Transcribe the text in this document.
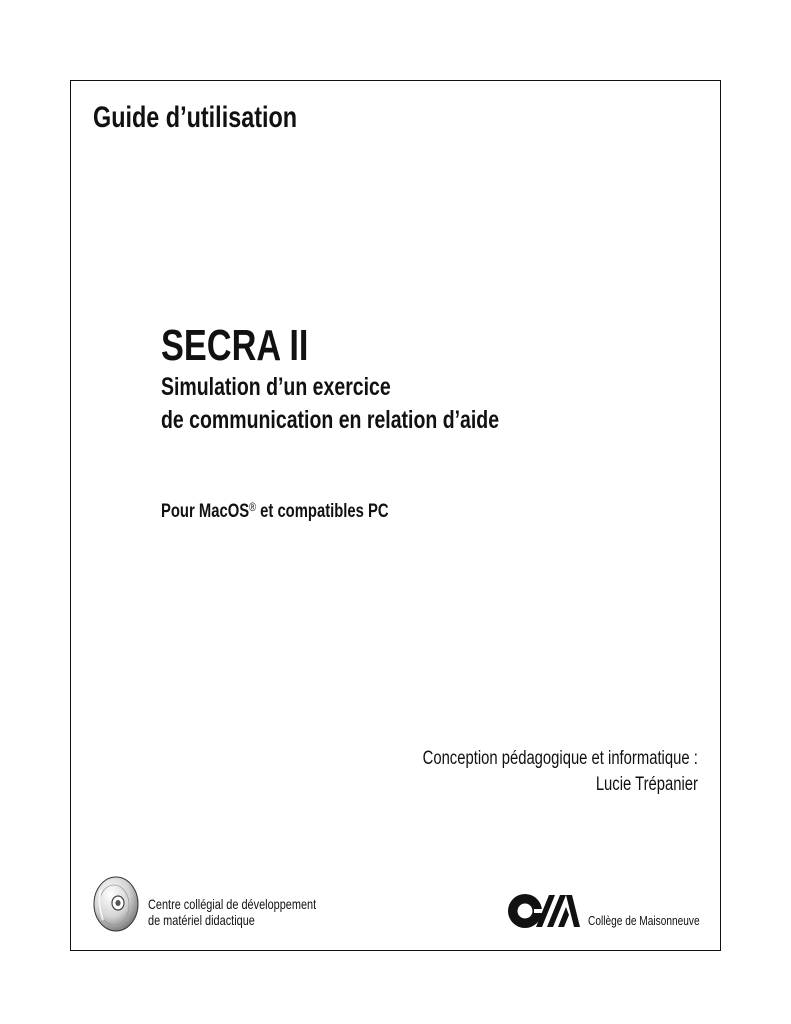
Guide d’utilisation
SECRA II
Simulation d’un exercice
de communication en relation d’aide
Pour MacOS® et compatibles PC
Conception pédagogique et informatique :
Lucie Trépanier
Centre collégial de développement
de matériel didactique	Collège de Maisonneuve
